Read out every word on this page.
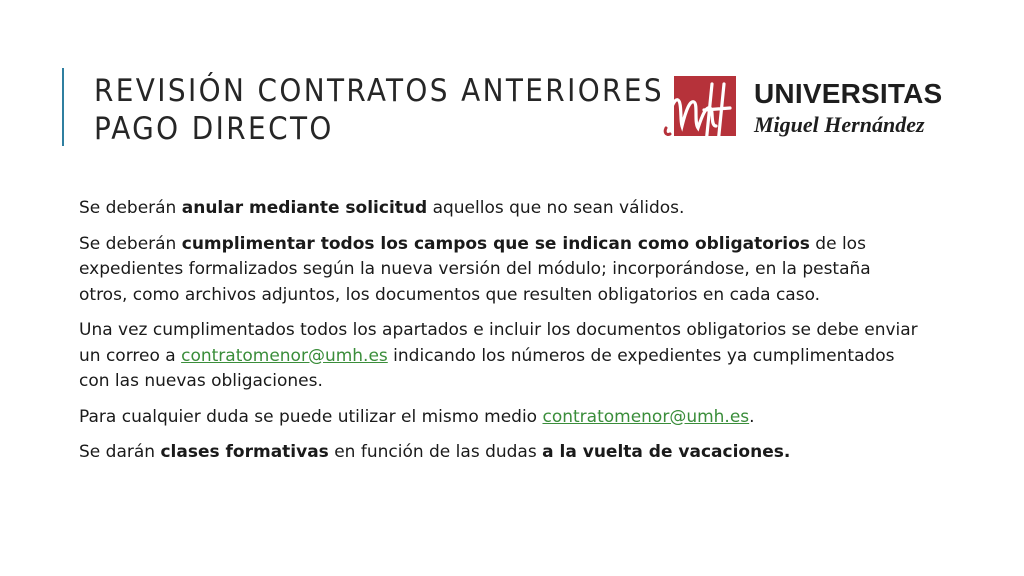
REVISIÓN CONTRATOS ANTERIORES
PAGO DIRECTO

UNIVERSITAS

Miguel Hernández

Se deberán anular mediante solicitud aquellos que no sean válidos.

Se deberán cumplimentar todos los campos que se indican como obligatorios de los expedientes formalizados según la nueva versión del módulo; incorporándose, en la pestaña otros, como archivos adjuntos, los documentos que resulten obligatorios en cada caso.

Una vez cumplimentados todos los apartados e incluir los documentos obligatorios se debe enviar un correo a contratomenor@umh.es indicando los números de expedientes ya cumplimentados con las nuevas obligaciones.

Para cualquier duda se puede utilizar el mismo medio contratomenor@umh.es.

Se darán clases formativas en función de las dudas a la vuelta de vacaciones.
